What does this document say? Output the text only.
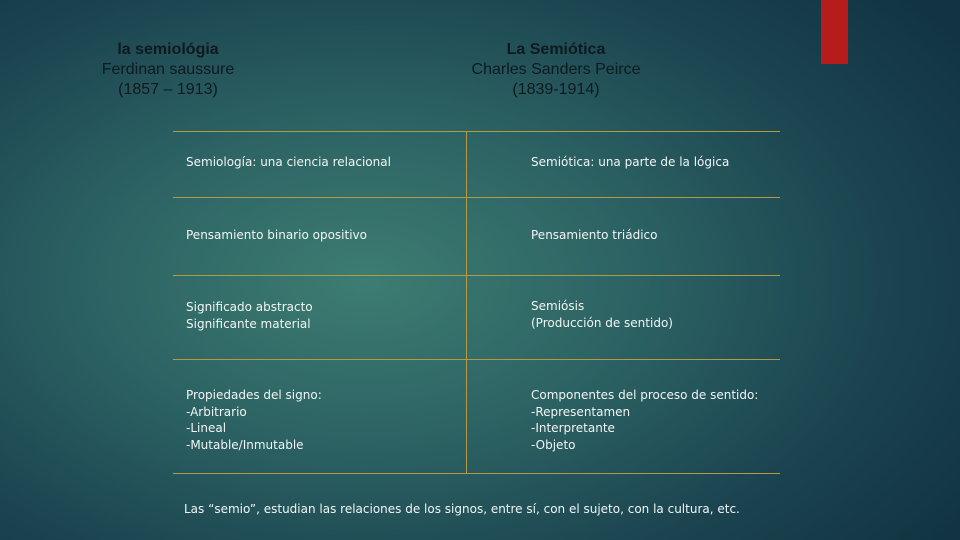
la semiológia
Ferdinan saussure
(1857 – 1913)
La Semiótica
Charles Sanders Peirce
(1839-1914)
Semiología: una ciencia relacional	Semiótica: una parte de la lógica
Pensamiento binario opositivo	Pensamiento triádico
Significado abstracto
Significante material
Semiósis
(Producción de sentido)
Propiedades del signo:
-Arbitrario
-Lineal
-Mutable/Inmutable
Componentes del proceso de sentido:
-Representamen
-Interpretante
-Objeto
Las “semio”, estudian las relaciones de los signos, entre sí, con el sujeto, con la cultura, etc.
